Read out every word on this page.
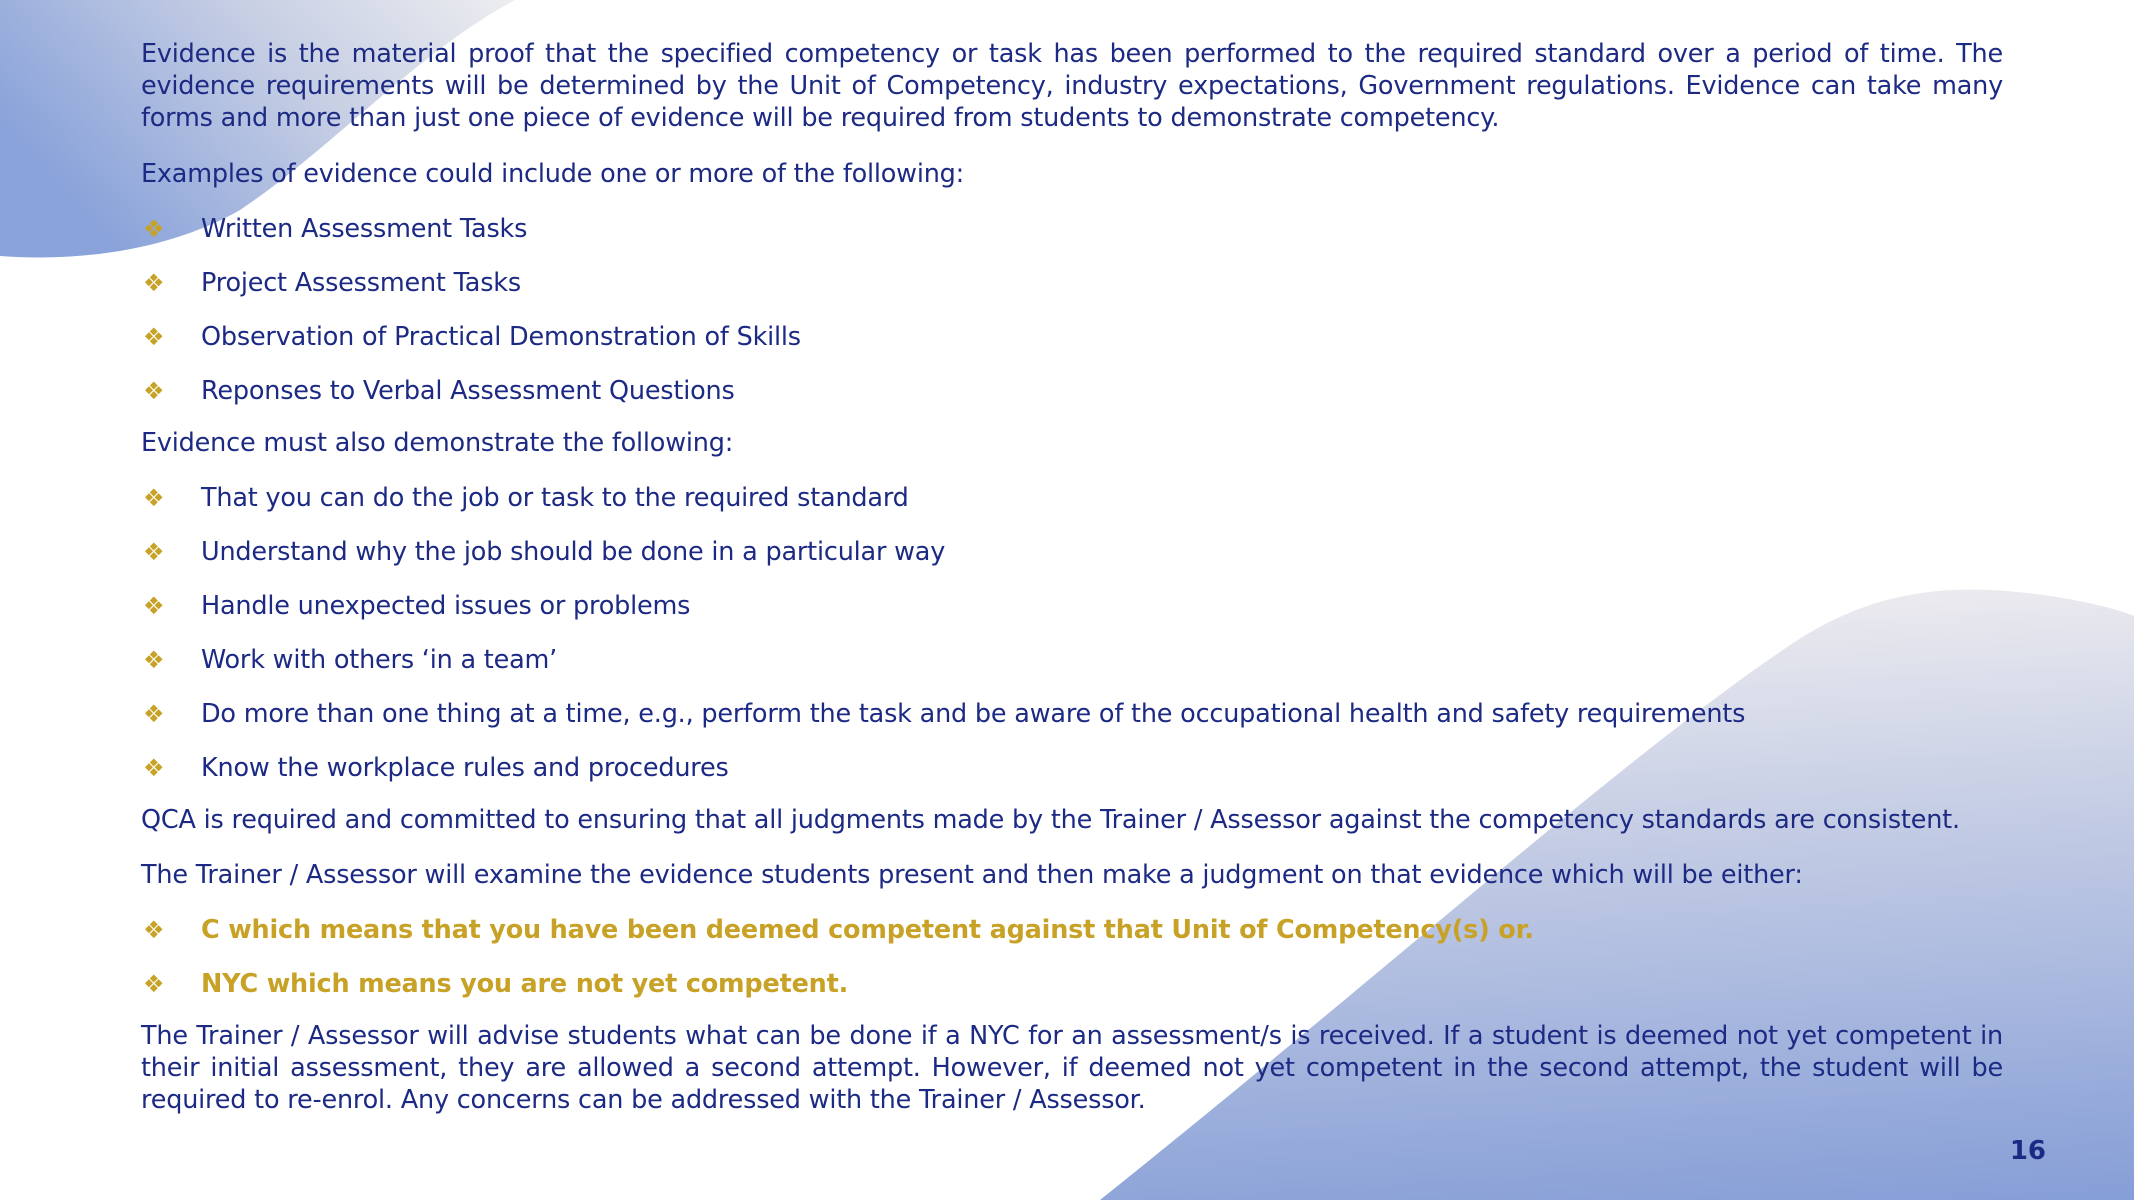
Evidence is the material proof that the specified competency or task has been performed to the required standard over a period of time. The evidence requirements will be determined by the Unit of Competency, industry expectations, Government regulations. Evidence can take many forms and more than just one piece of evidence will be required from students to demonstrate competency.

Examples of evidence could include one or more of the following:

❖	Written Assessment Tasks
❖	Project Assessment Tasks
❖	Observation of Practical Demonstration of Skills
❖	Reponses to Verbal Assessment Questions

Evidence must also demonstrate the following:

❖	That you can do the job or task to the required standard
❖	Understand why the job should be done in a particular way
❖	Handle unexpected issues or problems
❖	Work with others ‘in a team’
❖	Do more than one thing at a time, e.g., perform the task and be aware of the occupational health and safety requirements
❖	Know the workplace rules and procedures

QCA is required and committed to ensuring that all judgments made by the Trainer / Assessor against the competency standards are consistent.

The Trainer / Assessor will examine the evidence students present and then make a judgment on that evidence which will be either:

❖	C which means that you have been deemed competent against that Unit of Competency(s) or.
❖	NYC which means you are not yet competent.

The Trainer / Assessor will advise students what can be done if a NYC for an assessment/s is received. If a student is deemed not yet competent in their initial assessment, they are allowed a second attempt. However, if deemed not yet competent in the second attempt, the student will be required to re-enrol. Any concerns can be addressed with the Trainer / Assessor.

16
